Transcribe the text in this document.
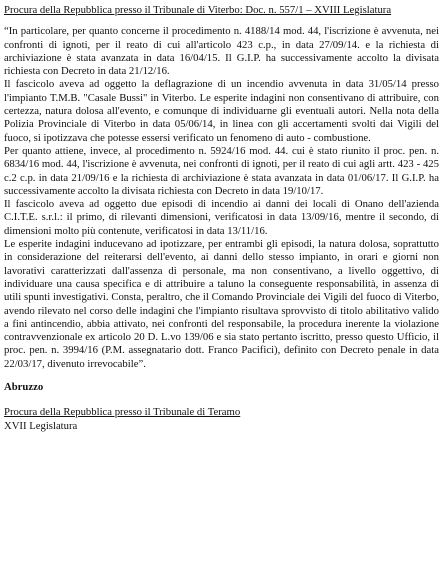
Procura della Repubblica presso il Tribunale di Viterbo: Doc. n. 557/1 – XVIII Legislatura

“In particolare, per quanto concerne il procedimento n. 4188/14 mod. 44, l'iscrizione è avvenuta, nei confronti di ignoti, per il reato di cui all'articolo 423 c.p., in data 27/09/14. e la richiesta di archiviazione è stata avanzata in data 16/04/15. Il G.I.P. ha successivamente accolto la divisata richiesta con Decreto in data 21/12/16.

Il fascicolo aveva ad oggetto la deflagrazione di un incendio avvenuta in data 31/05/14 presso l'impianto T.M.B. "Casale Bussi" in Viterbo. Le esperite indagini non consentivano di attribuire, con certezza, natura dolosa all'evento, e comunque di individuarne gli eventuali autori. Nella nota della Polizia Provinciale di Viterbo in data 05/06/14, in linea con gli accertamenti svolti dai Vigili del fuoco, si ipotizzava che potesse essersi verificato un fenomeno di auto - combustione.

Per quanto attiene, invece, al procedimento n. 5924/16 mod. 44. cui è stato riunito il proc. pen. n. 6834/16 mod. 44, l'iscrizione è avvenuta, nei confronti di ignoti, per il reato di cui agli artt. 423 - 425 c.2 c.p. in data 21/09/16 e la richiesta di archiviazione è stata avanzata in data 01/06/17. Il G.I.P. ha successivamente accolto la divisata richiesta con Decreto in data 19/10/17.

Il fascicolo aveva ad oggetto due episodi di incendio ai danni dei locali di Onano dell'azienda C.I.T.E. s.r.l.: il primo, di rilevanti dimensioni, verificatosi in data 13/09/16, mentre il secondo, di dimensioni molto più contenute, verificatosi in data 13/11/16.

Le esperite indagini inducevano ad ipotizzare, per entrambi gli episodi, la natura dolosa, soprattutto in considerazione del reiterarsi dell'evento, ai danni dello stesso impianto, in orari e giorni non lavorativi caratterizzati dall'assenza di personale, ma non consentivano, a livello oggettivo, di individuare una causa specifica e di attribuire a taluno la conseguente responsabilità, in assenza di utili spunti investigativi. Consta, peraltro, che il Comando Provinciale dei Vigili del fuoco di Viterbo, avendo rilevato nel corso delle indagini che l'impianto risultava sprovvisto di titolo abilitativo valido a fini antincendio, abbia attivato, nei confronti del responsabile, la procedura inerente la violazione contravvenzionale ex articolo 20 D. L.vo 139/06 e sia stato pertanto iscritto, presso questo Ufficio, il proc. pen. n. 3994/16 (P.M. assegnatario dott. Franco Pacifici), definito con Decreto penale in data 22/03/17, divenuto irrevocabile”.

Abruzzo

Procura della Repubblica presso il Tribunale di Teramo

XVII Legislatura
